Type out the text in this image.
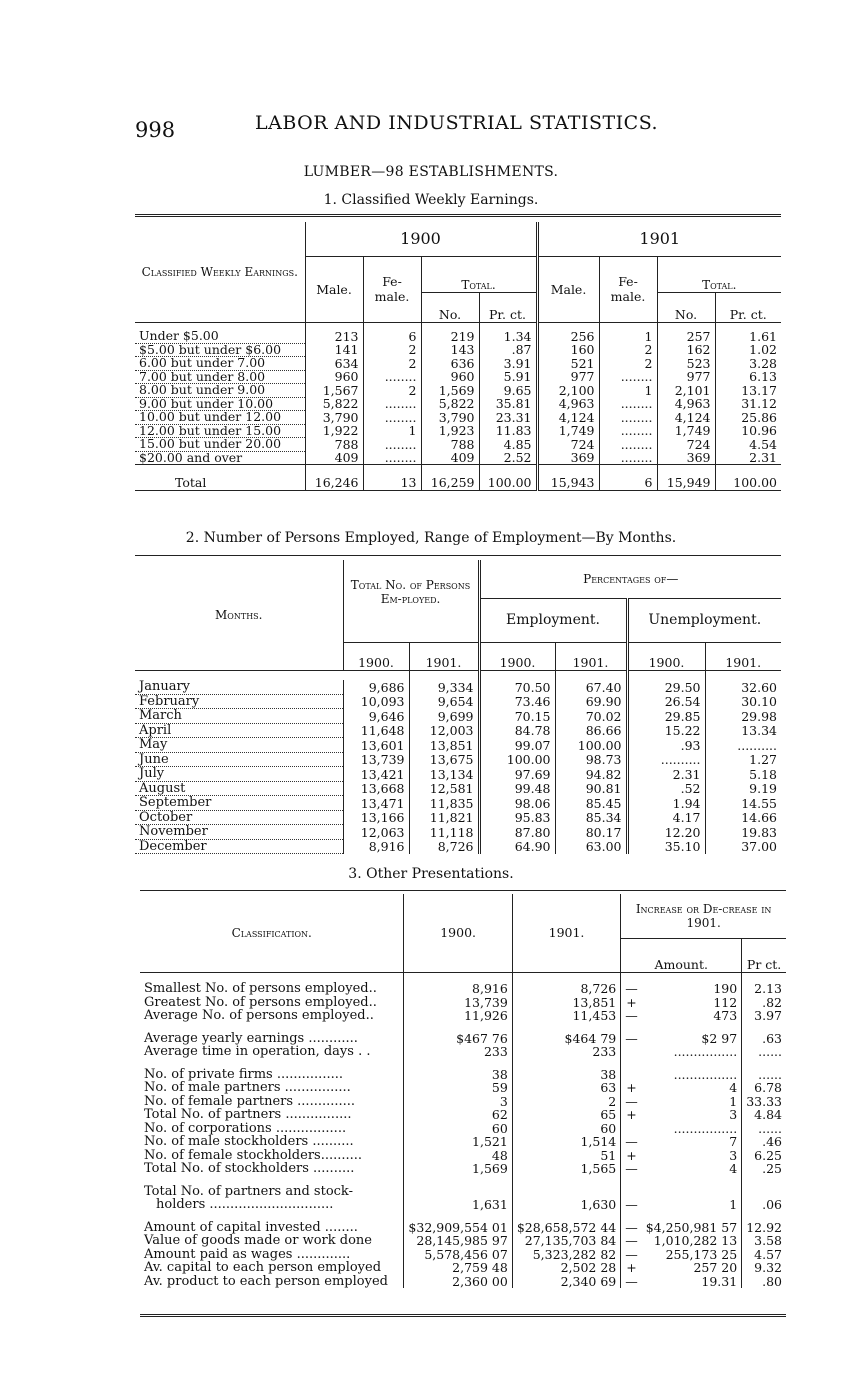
998	LABOR AND INDUSTRIAL STATISTICS.
LUMBER—98 ESTABLISHMENTS.
1. Classified Weekly Earnings.
Classified Weekly Earnings.	1900				1901			
	Male.	Fe-male.	Total.		Male.	Fe-male.	Total.	
			No.	Pr. ct.			No.	Pr. ct.

Under $5.00	213	6	219	1.34	256	1	257	1.61
$5.00 but under $6.00	141	2	143	.87	160	2	162	1.02
6.00 but under 7.00	634	2	636	3.91	521	2	523	3.28
7.00 but under 8.00	960	........	960	5.91	977	........	977	6.13
8.00 but under 9.00	1,567	2	1,569	9.65	2,100	1	2,101	13.17
9.00 but under 10.00	5,822	........	5,822	35.81	4,963	........	4,963	31.12
10.00 but under 12.00	3,790	........	3,790	23.31	4,124	........	4,124	25.86
12.00 but under 15.00	1,922	1	1,923	11.83	1,749	........	1,749	10.96
15.00 but under 20.00	788	........	788	4.85	724	........	724	4.54
$20.00 and over	409	........	409	2.52	369	........	369	2.31
Total	16,246	13	16,259	100.00	15,943	6	15,949	100.00
2. Number of Persons Employed, Range of Employment—By Months.
Months.	Total No. of Persons Em-ployed.		Percentages of—			
			Employment.		Unemployment.	
	1900.	1901.	1900.	1901.	1900.	1901.

January	9,686	9,334	70.50	67.40	29.50	32.60
February	10,093	9,654	73.46	69.90	26.54	30.10
March	9,646	9,699	70.15	70.02	29.85	29.98
April	11,648	12,003	84.78	86.66	15.22	13.34
May	13,601	13,851	99.07	100.00	.93	..........
June	13,739	13,675	100.00	98.73	..........	1.27
July	13,421	13,134	97.69	94.82	2.31	5.18
August	13,668	12,581	99.48	90.81	.52	9.19
September	13,471	11,835	98.06	85.45	1.94	14.55
October	13,166	11,821	95.83	85.34	4.17	14.66
November	12,063	11,118	87.80	80.17	12.20	19.83
December	8,916	8,726	64.90	63.00	35.10	37.00
3. Other Presentations.
Classification.	1900.	1901.	Increase or De-crease in 1901.		
			Amount.		Pr ct.

Smallest No. of persons employed..	8,916	8,726	—	190	2.13
Greatest No. of persons employed..	13,739	13,851	+	112	.82
Average No. of persons employed..	11,926	11,453	—	473	3.97

Average yearly earnings ............	$467 76	$464 79	—	$2 97	.63
Average time in operation, days . .	233	233		................	......

No. of private firms ................	38	38		................	......
No. of male partners ................	59	63	+	4	6.78
No. of female partners ..............	3	2	—	1	33.33
Total No. of partners ................	62	65	+	3	4.84
No. of corporations .................	60	60		................	......
No. of male stockholders ..........	1,521	1,514	—	7	.46
No. of female stockholders..........	48	51	+	3	6.25
Total No. of stockholders ..........	1,569	1,565	—	4	.25

Total No. of partners and stock-					
holders ..............................	1,631	1,630	—	1	.06

Amount of capital invested ........	$32,909,554 01	$28,658,572 44	—	$4,250,981 57	12.92
Value of goods made or work done	28,145,985 97	27,135,703 84	—	1,010,282 13	3.58
Amount paid as wages .............	5,578,456 07	5,323,282 82	—	255,173 25	4.57
Av. capital to each person employed	2,759 48	2,502 28	+	257 20	9.32
Av. product to each person employed	2,360 00	2,340 69	—	19.31	.80
